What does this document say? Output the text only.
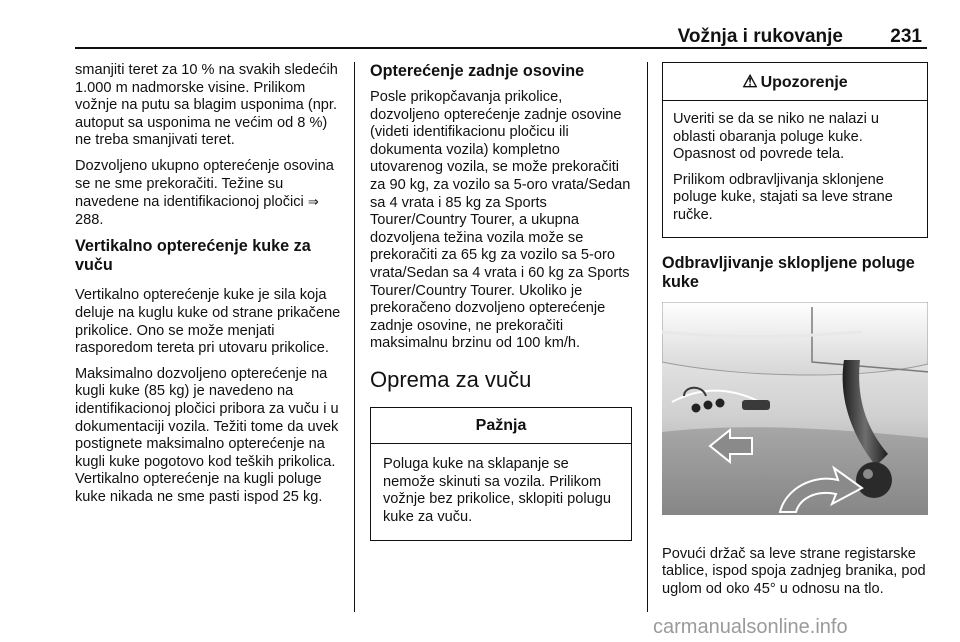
Vožnja i rukovanje 231

smanjiti teret za 10 % na svakih sledećih 1.000 m nadmorske visine. Prilikom vožnje na putu sa blagim usponima (npr. autoput sa usponima ne većim od 8 %) ne treba smanjivati teret.

Dozvoljeno ukupno opterećenje osovina se ne sme prekoračiti. Težine su navedene na identifikacionoj pločici ⇒ 288.

Vertikalno opterećenje kuke za vuču

Vertikalno opterećenje kuke je sila koja deluje na kuglu kuke od strane prikačene prikolice. Ono se može menjati rasporedom tereta pri utovaru prikolice.

Maksimalno dozvoljeno opterećenje na kugli kuke (85 kg) je navedeno na identifikacionoj pločici pribora za vuču i u dokumentaciji vozila. Težiti tome da uvek postignete maksimalno opterećenje na kugli kuke pogotovo kod teških prikolica. Vertikalno opterećenje na kugli poluge kuke nikada ne sme pasti ispod 25 kg.

Opterećenje zadnje osovine

Posle prikopčavanja prikolice, dozvoljeno opterećenje zadnje osovine (videti identifikacionu pločicu ili dokumenta vozila) kompletno utovarenog vozila, se može prekoračiti za 90 kg, za vozilo sa 5-oro vrata/Sedan sa 4 vrata i 85 kg za Sports Tourer/Country Tourer, a ukupna dozvoljena težina vozila može se prekoračiti za 65 kg za vozilo sa 5-oro vrata/Sedan sa 4 vrata i 60 kg za Sports Tourer/Country Tourer. Ukoliko je prekoračeno dozvoljeno opterećenje zadnje osovine, ne prekoračiti maksimalnu brzinu od 100 km/h.

Oprema za vuču
Pažnja

Poluga kuke na sklapanje se nemože skinuti sa vozila. Prilikom vožnje bez prikolice, sklopiti polugu kuke za vuču.

⚠ Upozorenje

Uveriti se da se niko ne nalazi u oblasti obaranja poluge kuke. Opasnost od povrede tela.

Prilikom odbravljivanja sklonjene poluge kuke, stajati sa leve strane ručke.

Odbravljivanje sklopljene poluge kuke

Povući držač sa leve strane registarske tablice, ispod spoja zadnjeg branika, pod uglom od oko 45° u odnosu na tlo.

carmanualsonline.info
